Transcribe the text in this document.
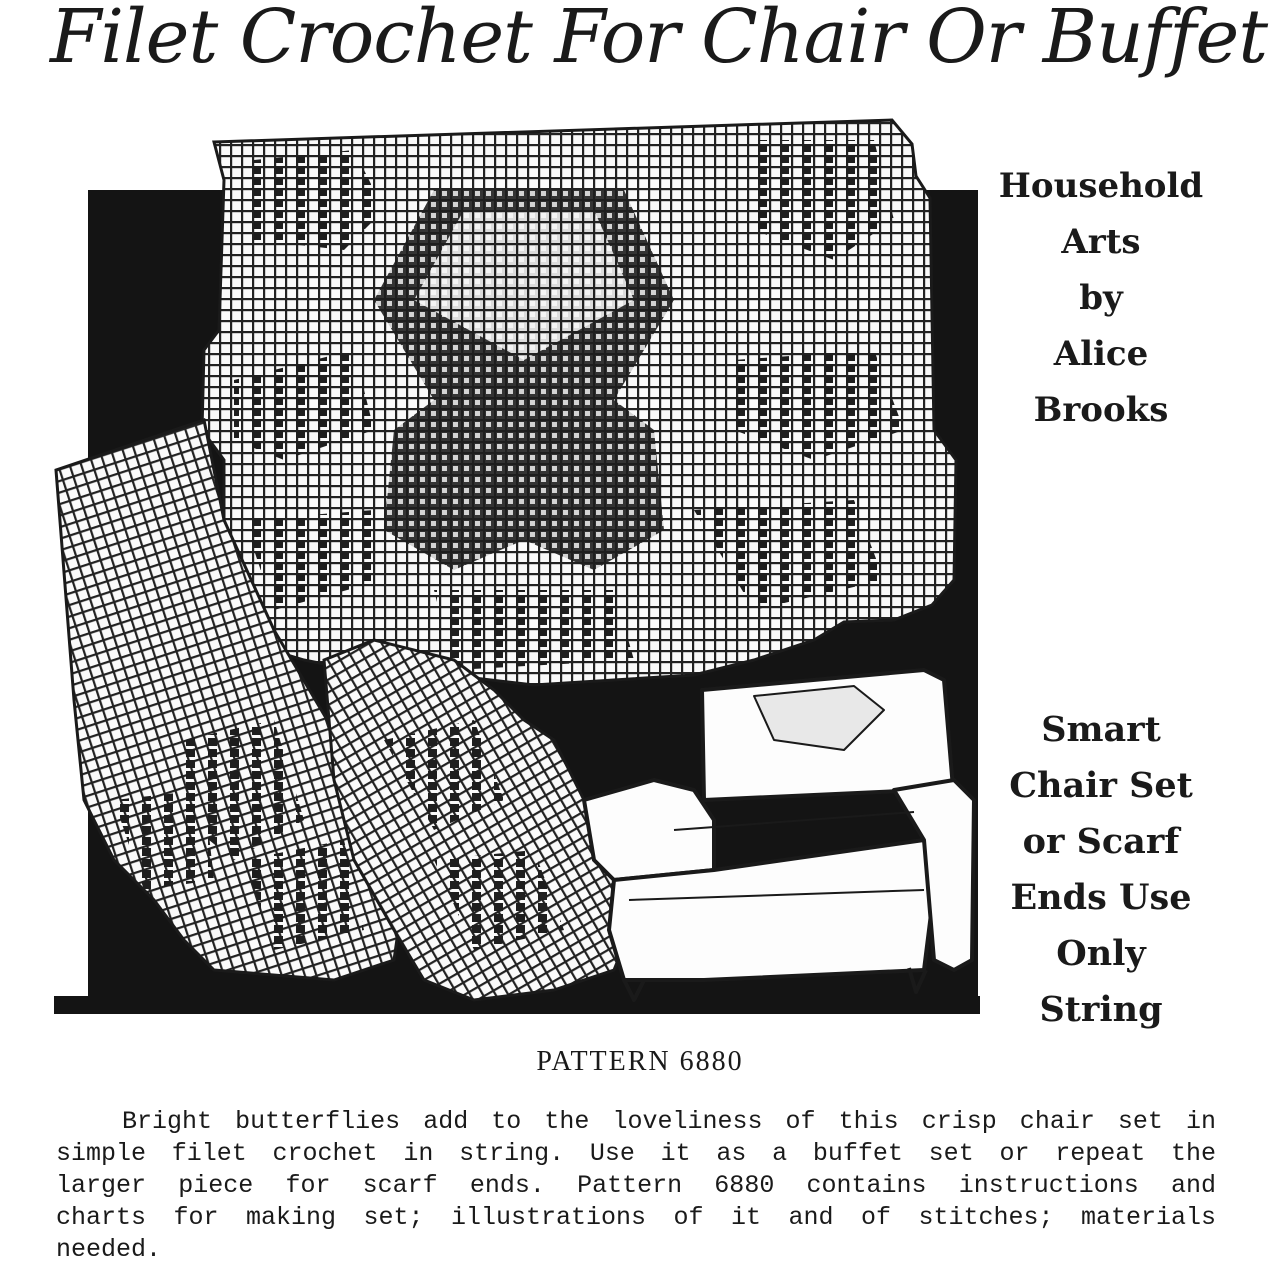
Filet Crochet For Chair Or Buffet
Household
Arts
by
Alice
Brooks
Smart
Chair Set
or Scarf
Ends Use
Only
String
PATTERN 6880
Bright butterflies add to the loveliness of this crisp chair set in
simple filet crochet in string. Use it as a buffet set or repeat the
larger piece for scarf ends. Pattern 6880 contains instructions and
charts for making set; illustrations of it and of stitches; materials
needed.
